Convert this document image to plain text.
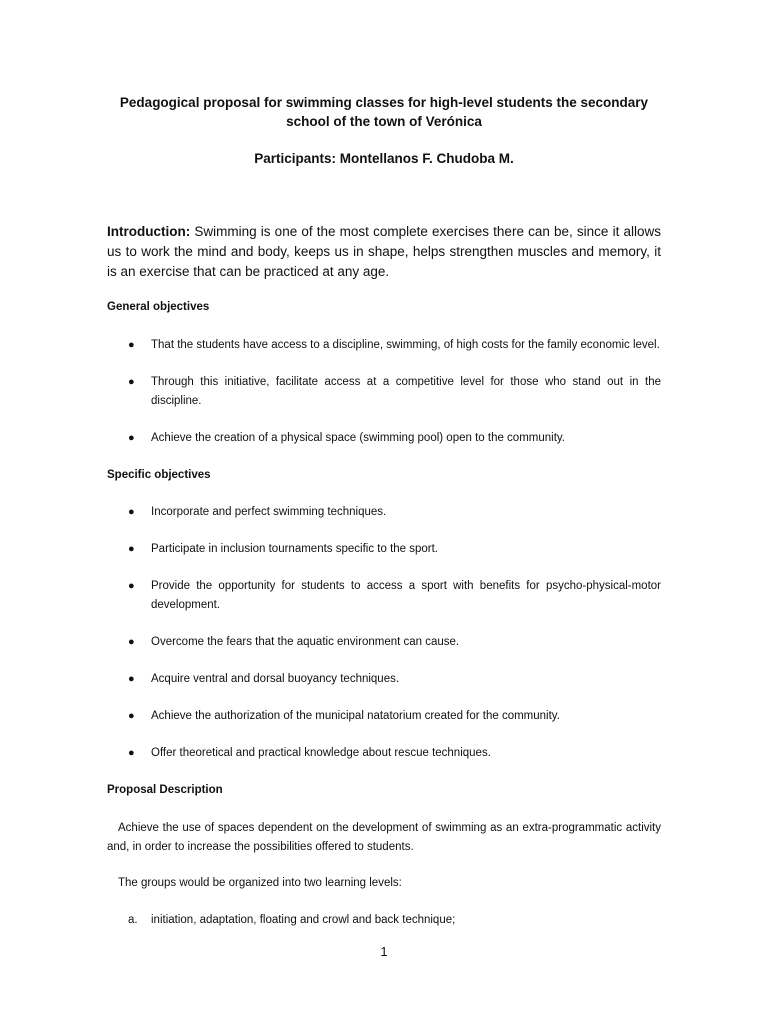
Pedagogical proposal for swimming classes for high-level students the secondary school of the town of Verónica
Participants: Montellanos F. Chudoba M.
Introduction: Swimming is one of the most complete exercises there can be, since it allows us to work the mind and body, keeps us in shape, helps strengthen muscles and memory, it is an exercise that can be practiced at any age.
General objectives
● That the students have access to a discipline, swimming, of high costs for the family economic level.
● Through this initiative, facilitate access at a competitive level for those who stand out in the discipline.
● Achieve the creation of a physical space (swimming pool) open to the community.
Specific objectives
● Incorporate and perfect swimming techniques.
● Participate in inclusion tournaments specific to the sport.
● Provide the opportunity for students to access a sport with benefits for psycho-physical-motor development.
● Overcome the fears that the aquatic environment can cause.
● Acquire ventral and dorsal buoyancy techniques.
● Achieve the authorization of the municipal natatorium created for the community.
● Offer theoretical and practical knowledge about rescue techniques.
Proposal Description
Achieve the use of spaces dependent on the development of swimming as an extra-programmatic activity and, in order to increase the possibilities offered to students.
The groups would be organized into two learning levels:
a. initiation, adaptation, floating and crowl and back technique;
1
